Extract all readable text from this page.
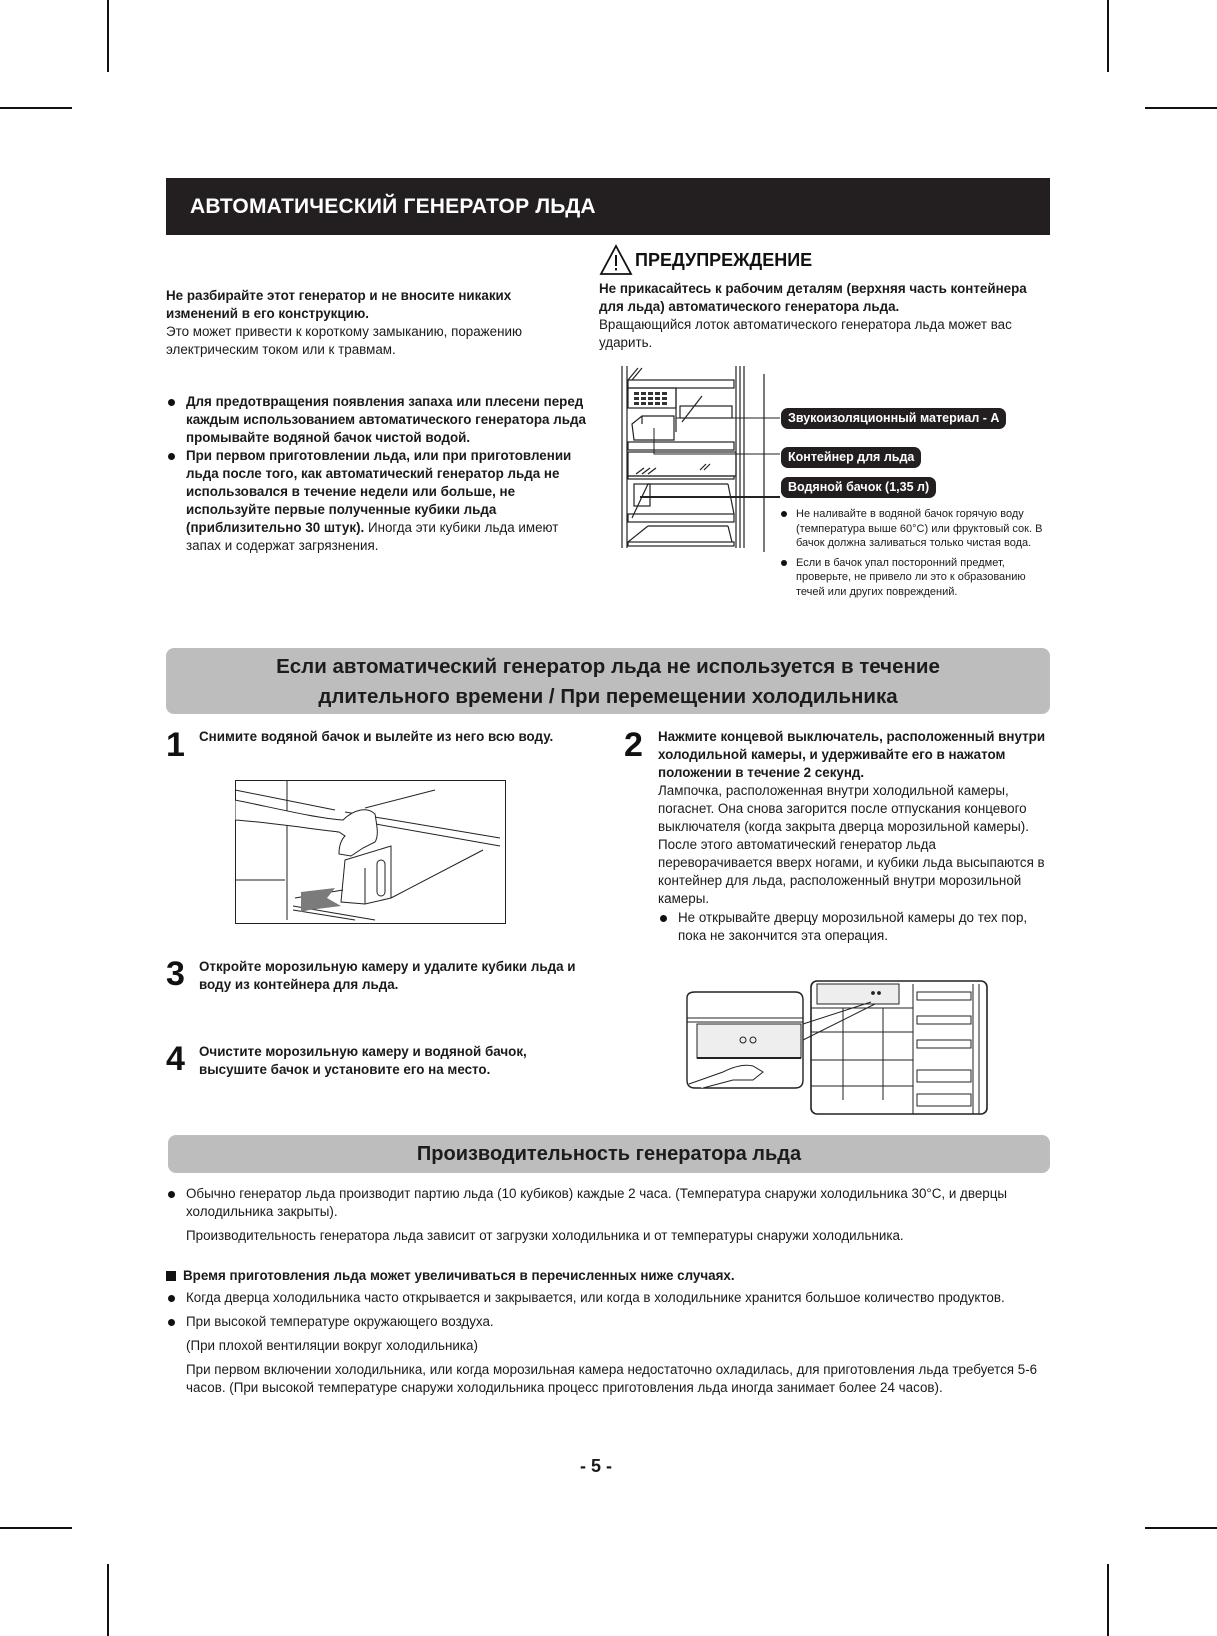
АВТОМАТИЧЕСКИЙ ГЕНЕРАТОР ЛЬДА
ПРЕДУПРЕЖДЕНИЕ
Не разбирайте этот генератор и не вносите никаких изменений в его конструкцию.
Это может привести к короткому замыканию, поражению электрическим током или к травмам.
Не прикасайтесь к рабочим деталям (верхняя часть контейнера для льда) автоматического генератора льда.
Вращающийся лоток автоматического генератора льда может вас ударить.
Для предотвращения появления запаха или плесени перед каждым использованием автоматического генератора льда промывайте водяной бачок чистой водой.
При первом приготовлении льда, или при приготовлении льда после того, как автоматический генератор льда не использовался в течение недели или больше, не используйте первые полученные кубики льда (приблизительно 30 штук). Иногда эти кубики льда имеют запах и содержат загрязнения.
Звукоизоляционный материал - А
Контейнер для льда
Водяной бачок (1,35 л)
Не наливайте в водяной бачок горячую воду (температура выше 60°C) или фруктовый сок. В бачок должна заливаться только чистая вода.
Если в бачок упал посторонний предмет, проверьте, не привело ли это к образованию течей или других повреждений.
Если автоматический генератор льда не используется в течение
длительного времени / При перемещении холодильника
1 Снимите водяной бачок и вылейте из него всю воду.
3 Откройте морозильную камеру и удалите кубики льда и воду из контейнера для льда.
4 Очистите морозильную камеру и водяной бачок, высушите бачок и установите его на место.
2 Нажмите концевой выключатель, расположенный внутри холодильной камеры, и удерживайте его в нажатом положении в течение 2 секунд.
Лампочка, расположенная внутри холодильной камеры, погаснет. Она снова загорится после отпускания концевого выключателя (когда закрыта дверца морозильной камеры). После этого автоматический генератор льда переворачивается вверх ногами, и кубики льда высыпаются в контейнер для льда, расположенный внутри морозильной камеры.
Не открывайте дверцу морозильной камеры до тех пор, пока не закончится эта операция.
Производительность генератора льда
Обычно генератор льда производит партию льда (10 кубиков) каждые 2 часа. (Температура снаружи холодильника 30°C, и дверцы холодильника закрыты).
Производительность генератора льда зависит от загрузки холодильника и от температуры снаружи холодильника.
Время приготовления льда может увеличиваться в перечисленных ниже случаях.
Когда дверца холодильника часто открывается и закрывается, или когда в холодильнике хранится большое количество продуктов.
При высокой температуре окружающего воздуха.
(При плохой вентиляции вокруг холодильника)
При первом включении холодильника, или когда морозильная камера недостаточно охладилась, для приготовления льда требуется 5-6 часов. (При высокой температуре снаружи холодильника процесс приготовления льда иногда занимает более 24 часов).
- 5 -
